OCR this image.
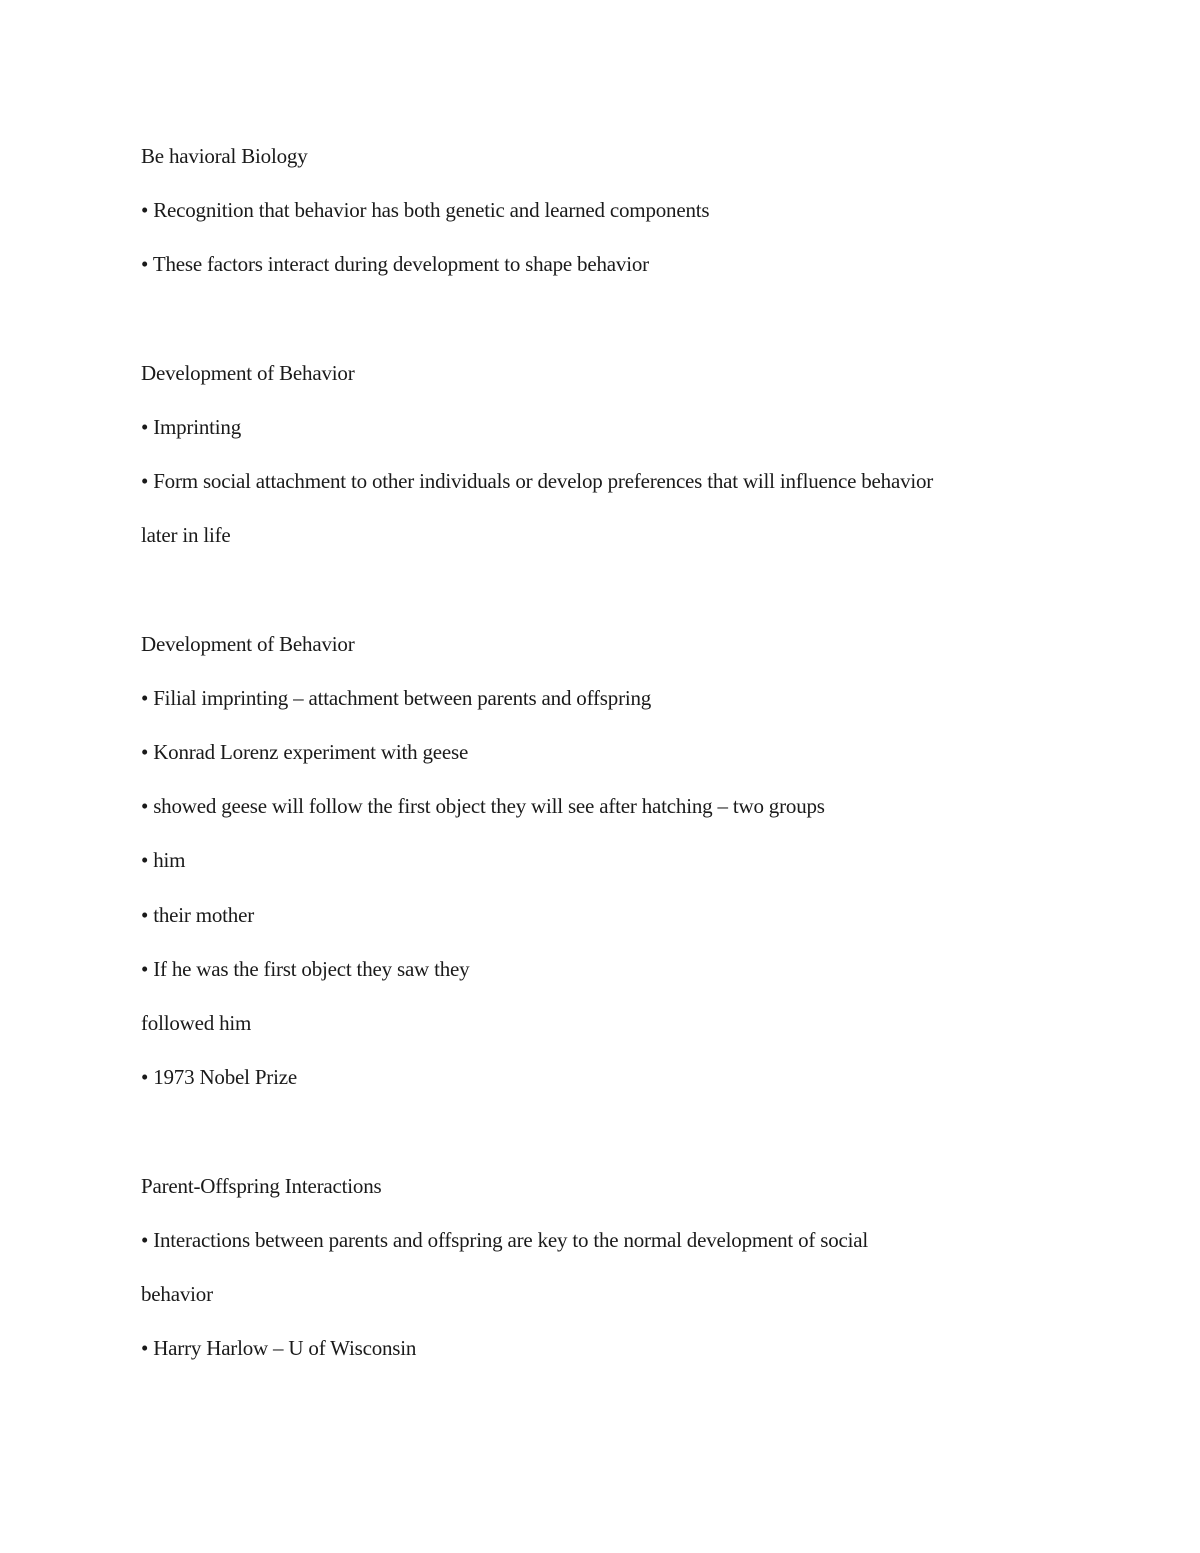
Be havioral Biology
• Recognition that behavior has both genetic and learned components
• These factors interact during development to shape behavior
Development of Behavior
• Imprinting
• Form social attachment to other individuals or develop preferences that will influence behavior
later in life
Development of Behavior
• Filial imprinting – attachment between parents and offspring
• Konrad Lorenz experiment with geese
• showed geese will follow the first object they will see after hatching – two groups
• him
• their mother
• If he was the first object they saw they
followed him
• 1973 Nobel Prize
Parent-Offspring Interactions
• Interactions between parents and offspring are key to the normal development of social
behavior
• Harry Harlow – U of Wisconsin
